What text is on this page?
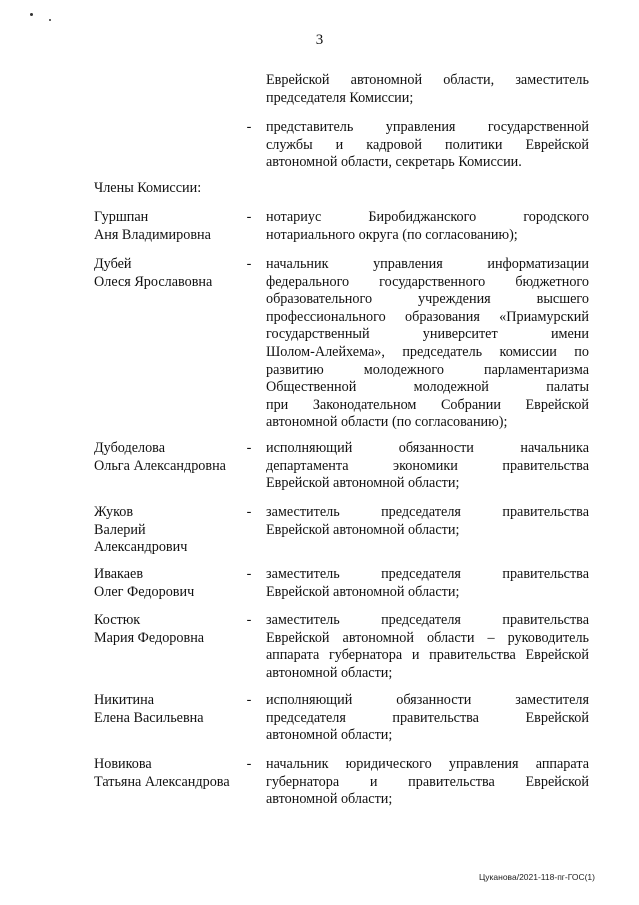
3
Еврейской автономной области, заместитель
председателя Комиссии;
- представитель управления государственной
службы и кадровой политики Еврейской
автономной области, секретарь Комиссии.
Члены Комиссии:
Гуршпан
Аня Владимировна
- нотариус Биробиджанского городского
нотариального округа (по согласованию);
Дубей
Олеся Ярославовна
- начальник управления информатизации
федерального государственного бюджетного
образовательного учреждения высшего
профессионального образования «Приамурский
государственный университет имени
Шолом-Алейхема», председатель комиссии по
развитию молодежного парламентаризма
Общественной молодежной палаты
при Законодательном Собрании Еврейской
автономной области (по согласованию);
Дубоделова
Ольга Александровна
- исполняющий обязанности начальника
департамента экономики правительства
Еврейской автономной области;
Жуков
Валерий
Александрович
- заместитель председателя правительства
Еврейской автономной области;
Ивакаев
Олег Федорович
- заместитель председателя правительства
Еврейской автономной области;
Костюк
Мария Федоровна
- заместитель председателя правительства
Еврейской автономной области – руководитель
аппарата губернатора и правительства Еврейской
автономной области;
Никитина
Елена Васильевна
- исполняющий обязанности заместителя
председателя правительства Еврейской
автономной области;
Новикова
Татьяна Александрова
- начальник юридического управления аппарата
губернатора и правительства Еврейской
автономной области;
Цуканова/2021-118-пг-ГОС(1)
